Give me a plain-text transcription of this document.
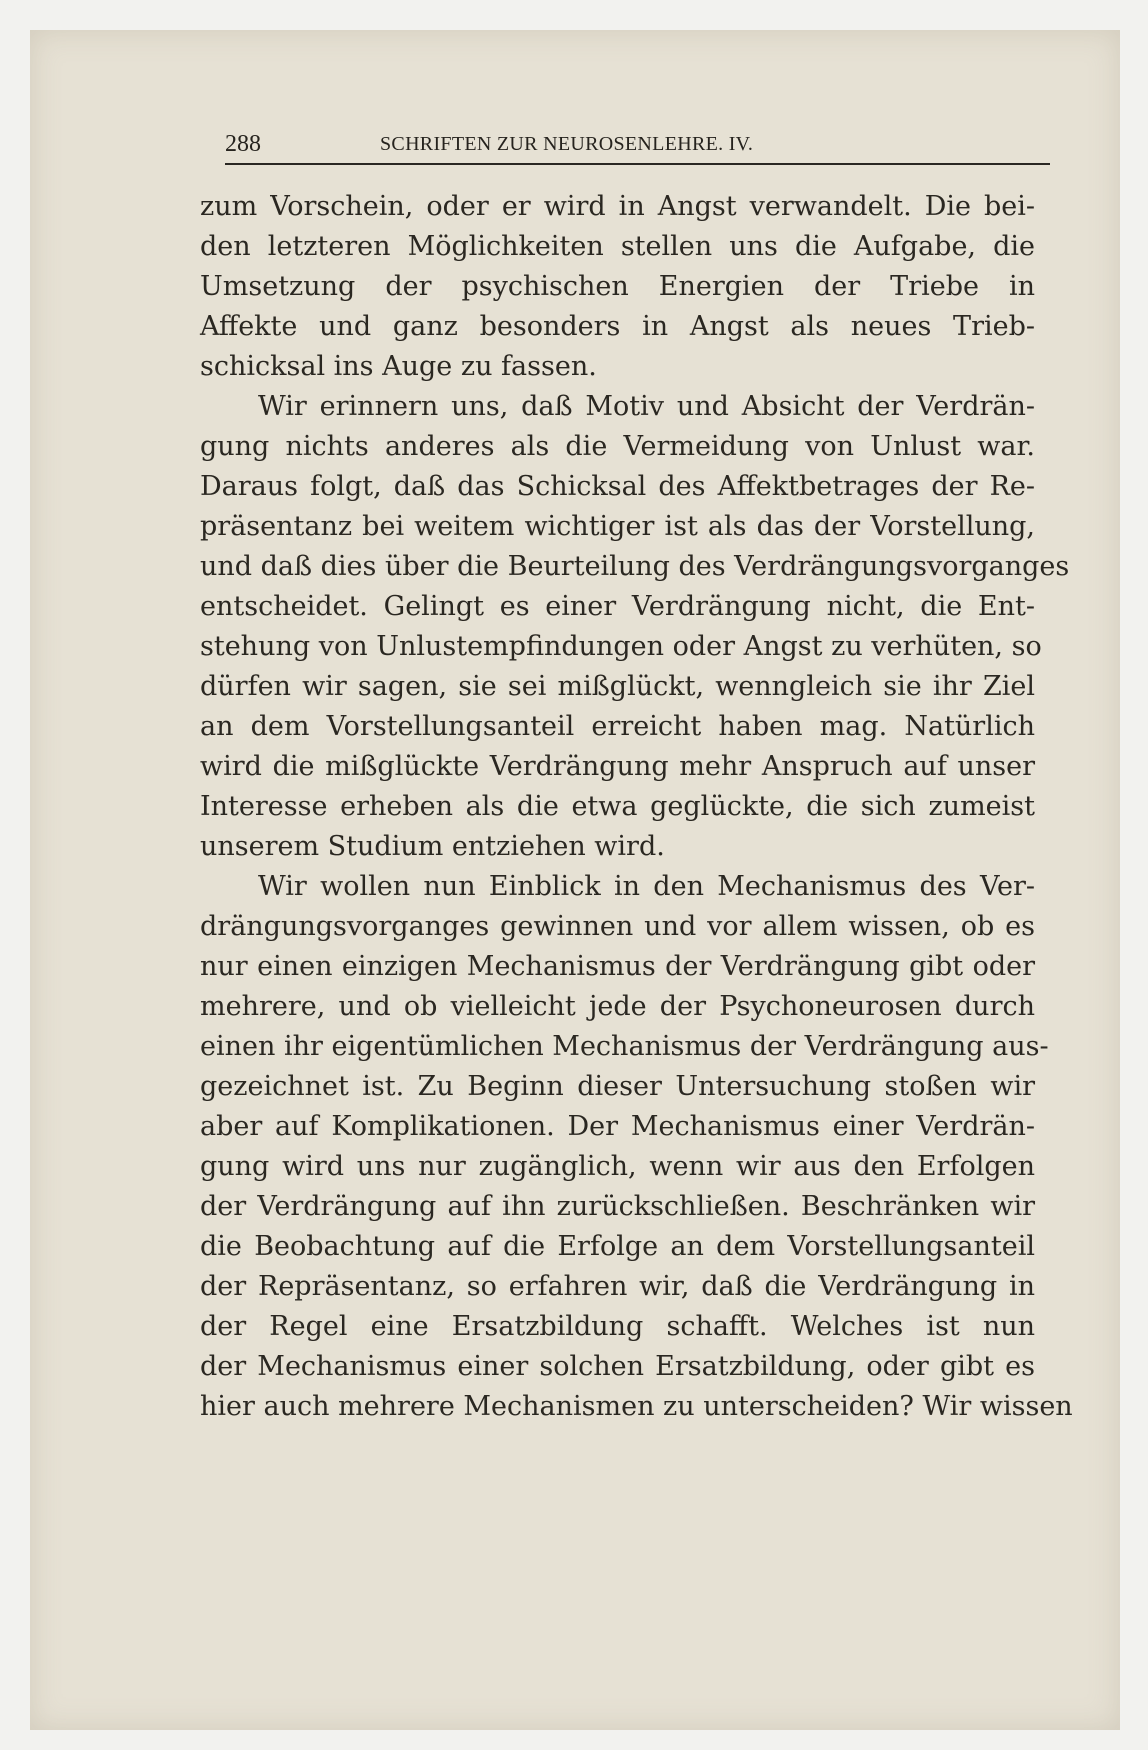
288	SCHRIFTEN ZUR NEUROSENLEHRE. IV.
zum Vorschein, oder er wird in Angst verwandelt. Die bei-
den letzteren Möglichkeiten stellen uns die Aufgabe, die
Umsetzung der psychischen Energien der Triebe in
Affekte und ganz besonders in Angst als neues Trieb-
schicksal ins Auge zu fassen.
Wir erinnern uns, daß Motiv und Absicht der Verdrän-
gung nichts anderes als die Vermeidung von Unlust war.
Daraus folgt, daß das Schicksal des Affektbetrages der Re-
präsentanz bei weitem wichtiger ist als das der Vorstellung,
und daß dies über die Beurteilung des Verdrängungsvorganges
entscheidet. Gelingt es einer Verdrängung nicht, die Ent-
stehung von Unlustempfindungen oder Angst zu verhüten, so
dürfen wir sagen, sie sei mißglückt, wenngleich sie ihr Ziel
an dem Vorstellungsanteil erreicht haben mag. Natürlich
wird die mißglückte Verdrängung mehr Anspruch auf unser
Interesse erheben als die etwa geglückte, die sich zumeist
unserem Studium entziehen wird.
Wir wollen nun Einblick in den Mechanismus des Ver-
drängungsvorganges gewinnen und vor allem wissen, ob es
nur einen einzigen Mechanismus der Verdrängung gibt oder
mehrere, und ob vielleicht jede der Psychoneurosen durch
einen ihr eigentümlichen Mechanismus der Verdrängung aus-
gezeichnet ist. Zu Beginn dieser Untersuchung stoßen wir
aber auf Komplikationen. Der Mechanismus einer Verdrän-
gung wird uns nur zugänglich, wenn wir aus den Erfolgen
der Verdrängung auf ihn zurückschließen. Beschränken wir
die Beobachtung auf die Erfolge an dem Vorstellungsanteil
der Repräsentanz, so erfahren wir, daß die Verdrängung in
der Regel eine Ersatzbildung schafft. Welches ist nun
der Mechanismus einer solchen Ersatzbildung, oder gibt es
hier auch mehrere Mechanismen zu unterscheiden? Wir wissen
